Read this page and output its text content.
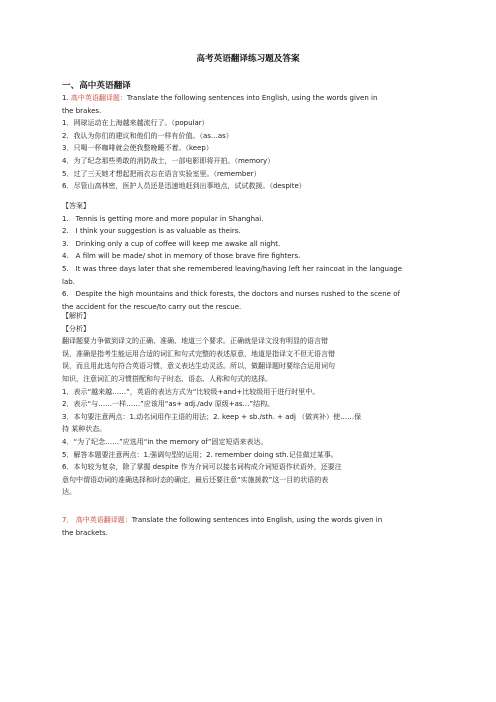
高考英语翻译练习题及答案
一、高中英语翻译
1. 高中英语翻译题：Translate the following sentences into English, using the words given in
the brakes.
1．网球运动在上海越来越流行了。（popular）
2．我认为你们的建议和他们的一样有价值。（as…as）
3．只喝一杯咖啡就会使我整晚睡不着。（keep）
4．为了纪念那些勇敢的消防战士，一部电影即将开拍。（memory）
5．过了三天她才想起把雨衣忘在语言实验室里。（remember）
6．尽管山高林密，医护人员还是迅速地赶到出事地点，试试救援。（despite）
【答案】
1.　Tennis is getting more and more popular in Shanghai.
2.　I think your suggestion is as valuable as theirs.
3.　Drinking only a cup of coffee will keep me awake all night.
4.　A film will be made/ shot in memory of those brave fire fighters.
5.　It was three days later that she remembered leaving/having left her raincoat in the language
lab.
6.　Despite the high mountains and thick forests, the doctors and nurses rushed to the scene of
the accident for the rescue/to carry out the rescue.
【解析】
【分析】
翻译题要力争做到译文的正确、准确、地道三个要求。正确就是译文没有明显的语言错
误，准确是指考生能运用合适的词汇和句式完整的表述原意，地道是指译文不但无语言错
误，而且用此选句符合英语习惯，意义表达生动灵活。所以，做翻译题时要综合运用词句
知识，注意词汇的习惯搭配和句子时态、语态、人称和句式的选择。
1．表示“越来越……”，英语的表达方式为“比较级+and+比较级用于进行时里中。
2．表示“与……一样……”应该用“as+ adj./adv 原级+as…”结构。
3．本句要注意两点：1.动名词用作主语的用法；2. keep + sb./sth. + adj （做宾补）使……保
持 某种状态。
4．“为了纪念……”应选用“in the memory of”固定短语来表达。
5．解答本题要注意两点：1.强调句型的运用；2. remember doing sth.记住做过某事。
6．本句较为复杂，除了掌握 despite 作为介词可以接名词构成介词短语作状语外，还要注
意句中谓语动词的准确选择和时态的确定，最后还要注意“实施援救”这一目的状语的表
达。
7． 高中英语翻译题：Translate the following sentences into English, using the words given in
the brackets.
